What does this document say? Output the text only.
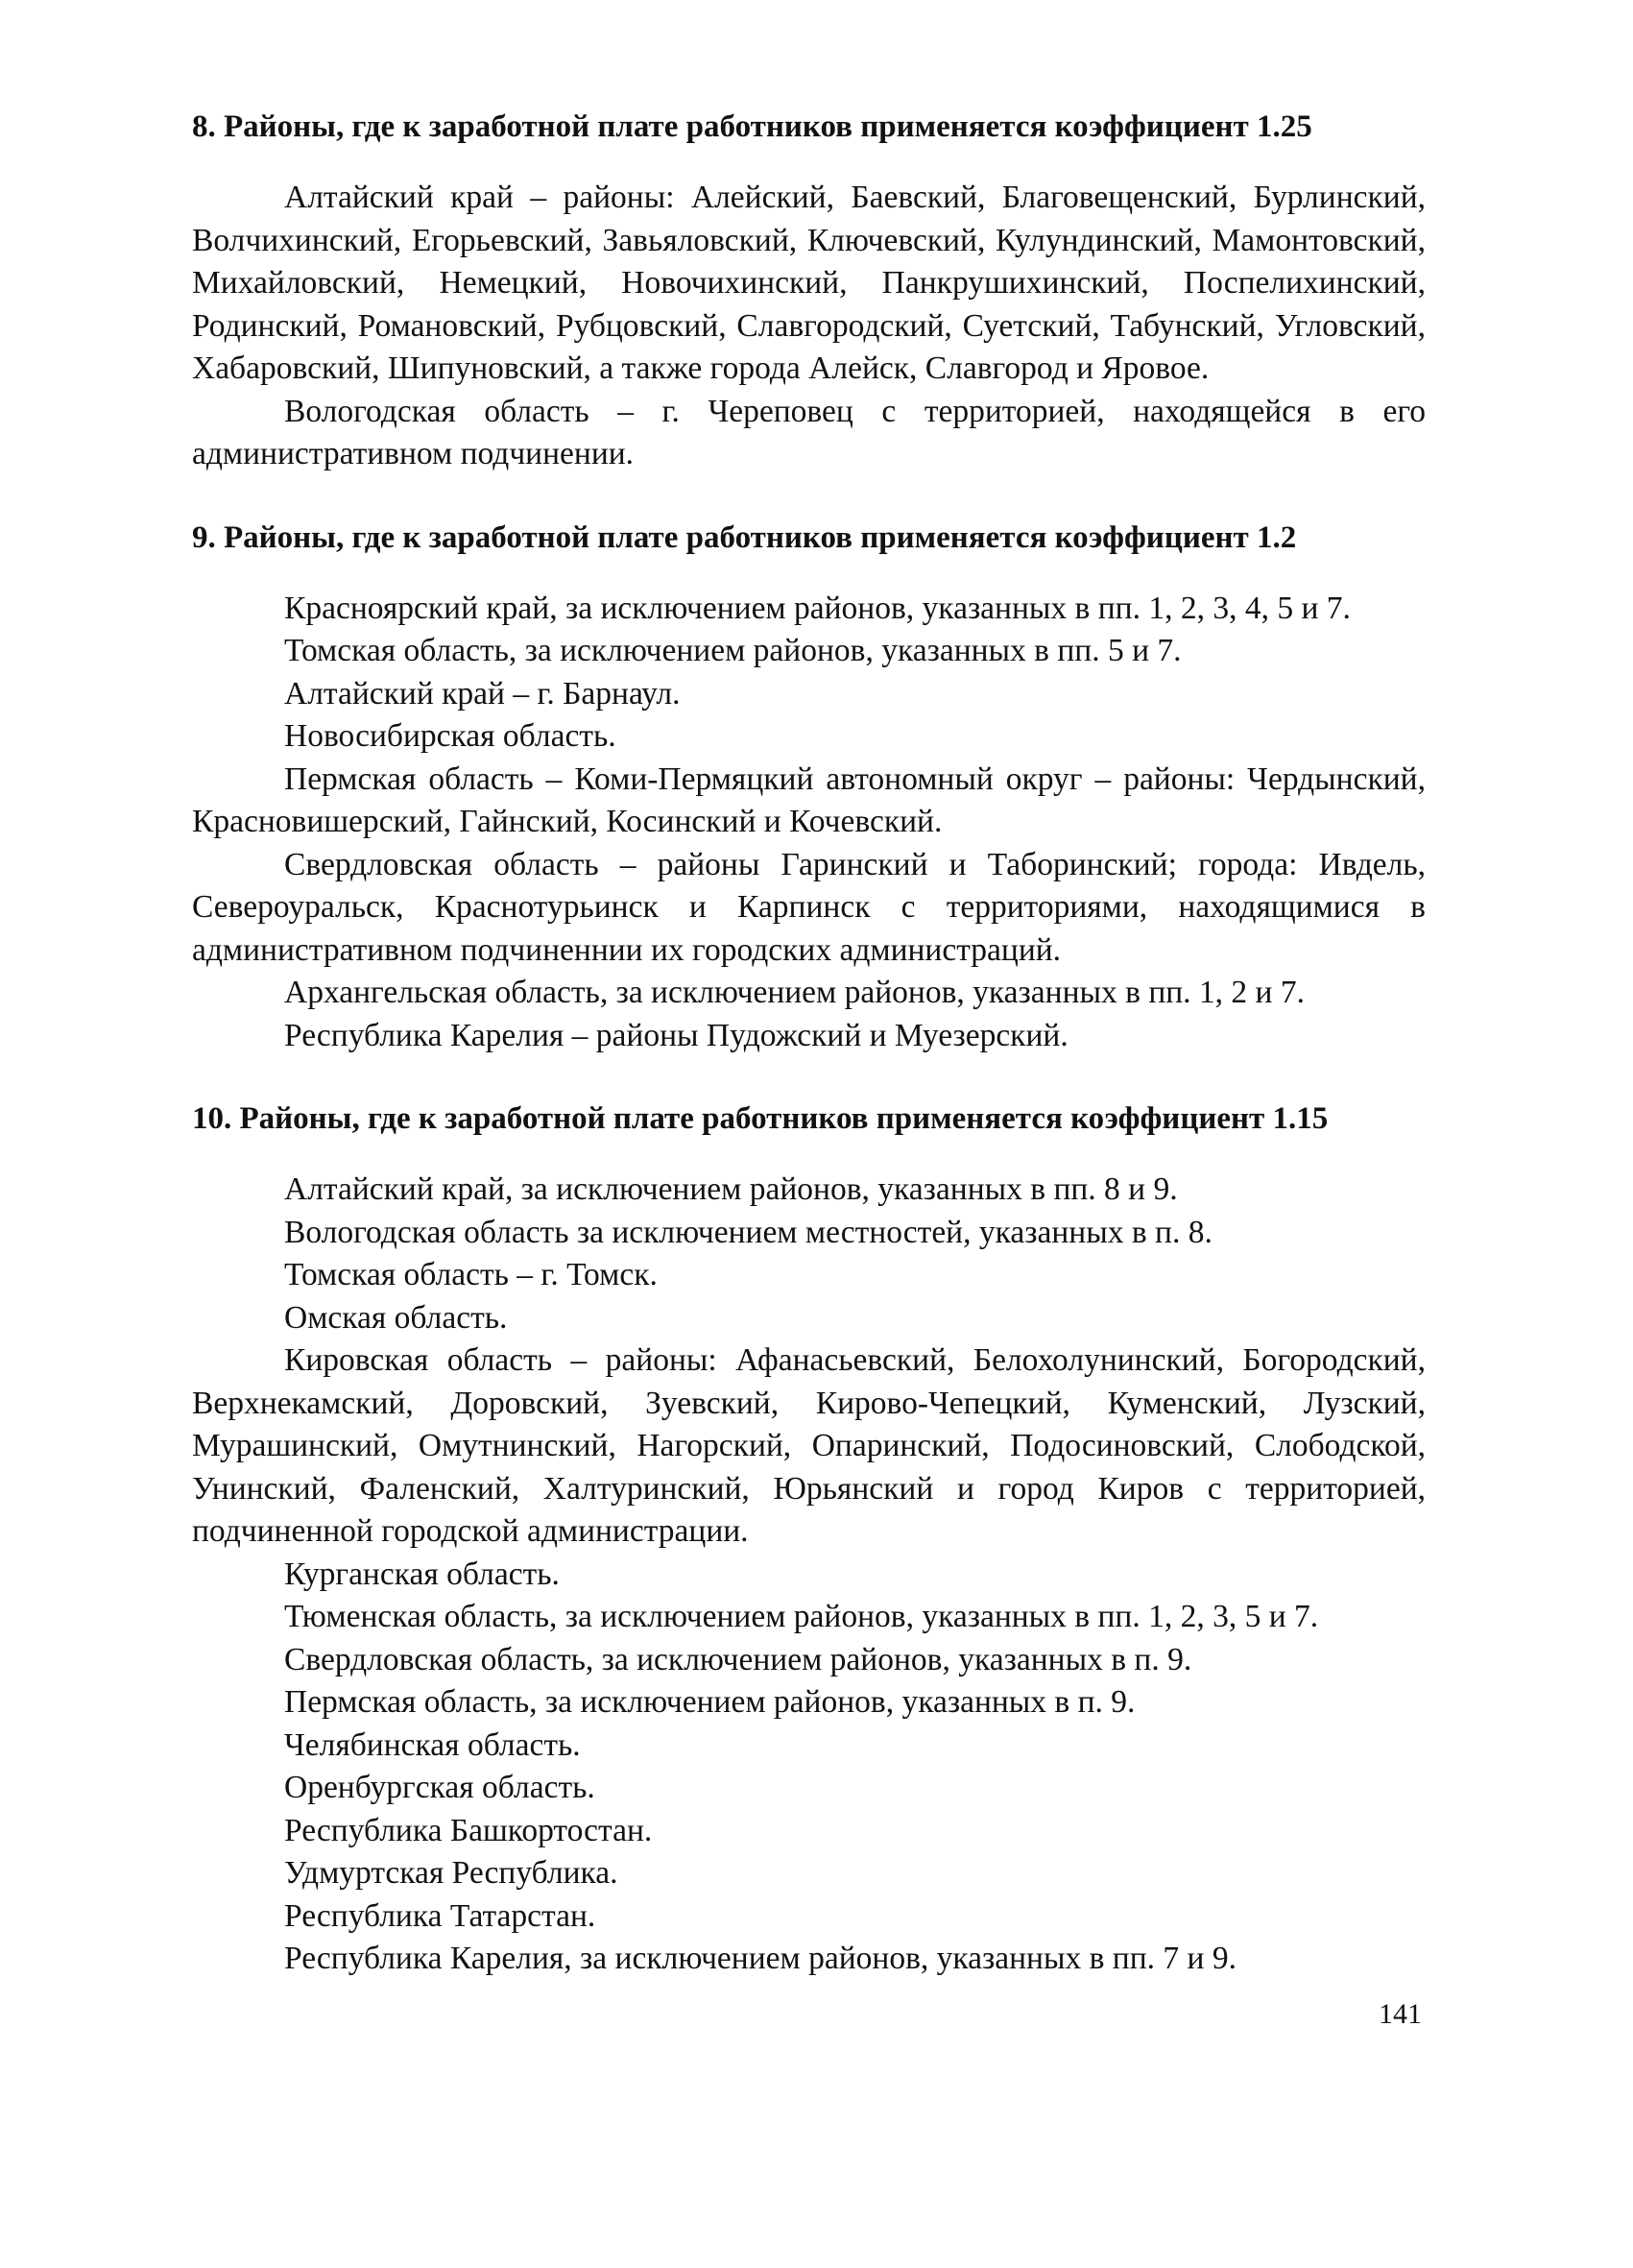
8. Районы, где к заработной плате работников применяется коэффициент 1.25

Алтайский край – районы: Алейский, Баевский, Благовещенский, Бурлинский, Волчихинский, Егорьевский, Завьяловский, Ключевский, Кулундинский, Мамонтовский, Михайловский, Немецкий, Новочихинский, Панкрушихинский, Поспелихинский, Родинский, Романовский, Рубцовский, Славгородский, Суетский, Табунский, Угловский, Хабаровский, Шипуновский, а также города Алейск, Славгород и Яровое.

Вологодская область – г. Череповец с территорией, находящейся в его административном подчинении.

9. Районы, где к заработной плате работников применяется коэффициент 1.2

Красноярский край, за исключением районов, указанных в пп. 1, 2, 3, 4, 5 и 7.

Томская область, за исключением районов, указанных в пп. 5 и 7.

Алтайский край – г. Барнаул.

Новосибирская область.

Пермская область – Коми-Пермяцкий автономный округ – районы: Чердынский, Красновишерский, Гайнский, Косинский и Кочевский.

Свердловская область – районы Гаринский и Таборинский; города: Ивдель, Североуральск, Краснотурьинск и Карпинск с территориями, находящимися в административном подчиненнии их городских администраций.

Архангельская область, за исключением районов, указанных в пп. 1, 2 и 7.

Республика Карелия – районы Пудожский и Муезерский.

10. Районы, где к заработной плате работников применяется коэффициент 1.15

Алтайский край, за исключением районов, указанных в пп. 8 и 9.

Вологодская область за исключением местностей, указанных в п. 8.

Томская область – г. Томск.

Омская область.

Кировская область – районы: Афанасьевский, Белохолунинский, Богородский, Верхнекамский, Доровский, Зуевский, Кирово-Чепецкий, Куменский, Лузский, Мурашинский, Омутнинский, Нагорский, Опаринский, Подосиновский, Слободской, Унинский, Фаленский, Халтуринский, Юрьянский и город Киров с территорией, подчиненной городской администрации.

Курганская область.

Тюменская область, за исключением районов, указанных в пп. 1, 2, 3, 5 и 7.

Свердловская область, за исключением районов, указанных в п. 9.

Пермская область, за исключением районов, указанных в п. 9.

Челябинская область.

Оренбургская область.

Республика Башкортостан.

Удмуртская Республика.

Республика Татарстан.

Республика Карелия, за исключением районов, указанных в пп. 7 и 9.

141
